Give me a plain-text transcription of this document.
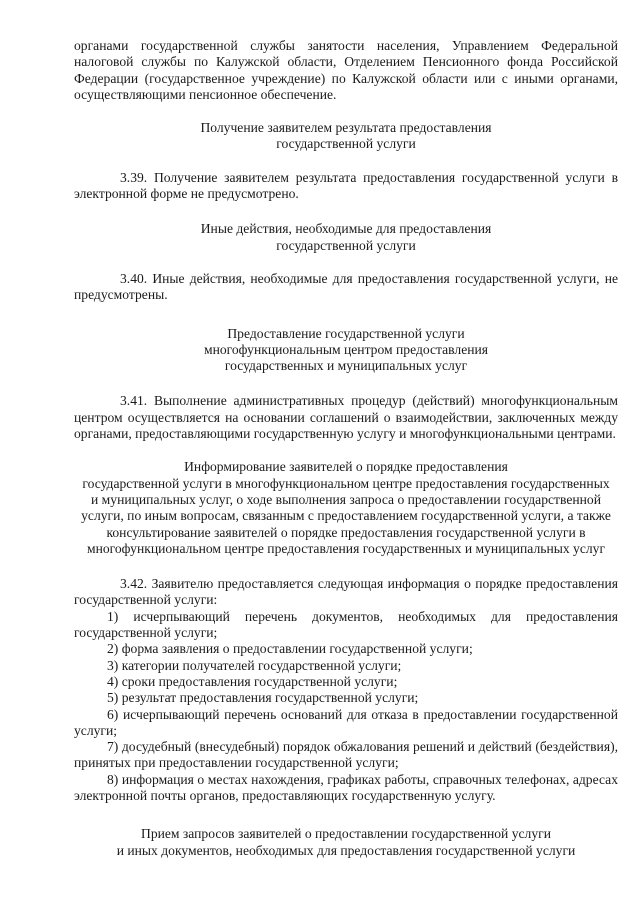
органами государственной службы занятости населения, Управлением Федеральной налоговой службы по Калужской области, Отделением Пенсионного фонда Российской Федерации (государственное учреждение) по Калужской области или с иными органами, осуществляющими пенсионное обеспечение.

Получение заявителем результата предоставления
государственной услуги

3.39. Получение заявителем результата предоставления государственной услуги в электронной форме не предусмотрено.

Иные действия, необходимые для предоставления
государственной услуги

3.40. Иные действия, необходимые для предоставления государственной услуги, не предусмотрены.

Предоставление государственной услуги
многофункциональным центром предоставления
государственных и муниципальных услуг

3.41. Выполнение административных процедур (действий) многофункциональным центром осуществляется на основании соглашений о взаимодействии, заключенных между органами, предоставляющими государственную услугу и многофункциональными центрами.

Информирование заявителей о порядке предоставления
государственной услуги в многофункциональном центре предоставления государственных
и муниципальных услуг, о ходе выполнения запроса о предоставлении государственной
услуги, по иным вопросам, связанным с предоставлением государственной услуги, а также
консультирование заявителей о порядке предоставления государственной услуги в
многофункциональном центре предоставления государственных и муниципальных услуг

3.42. Заявителю предоставляется следующая информация о порядке предоставления государственной услуги:

1) исчерпывающий перечень документов, необходимых для предоставления государственной услуги;

2) форма заявления о предоставлении государственной услуги;

3) категории получателей государственной услуги;

4) сроки предоставления государственной услуги;

5) результат предоставления государственной услуги;

6) исчерпывающий перечень оснований для отказа в предоставлении государственной услуги;

7) досудебный (внесудебный) порядок обжалования решений и действий (бездействия), принятых при предоставлении государственной услуги;

8) информация о местах нахождения, графиках работы, справочных телефонах, адресах электронной почты органов, предоставляющих государственную услугу.

Прием запросов заявителей о предоставлении государственной услуги
и иных документов, необходимых для предоставления государственной услуги
